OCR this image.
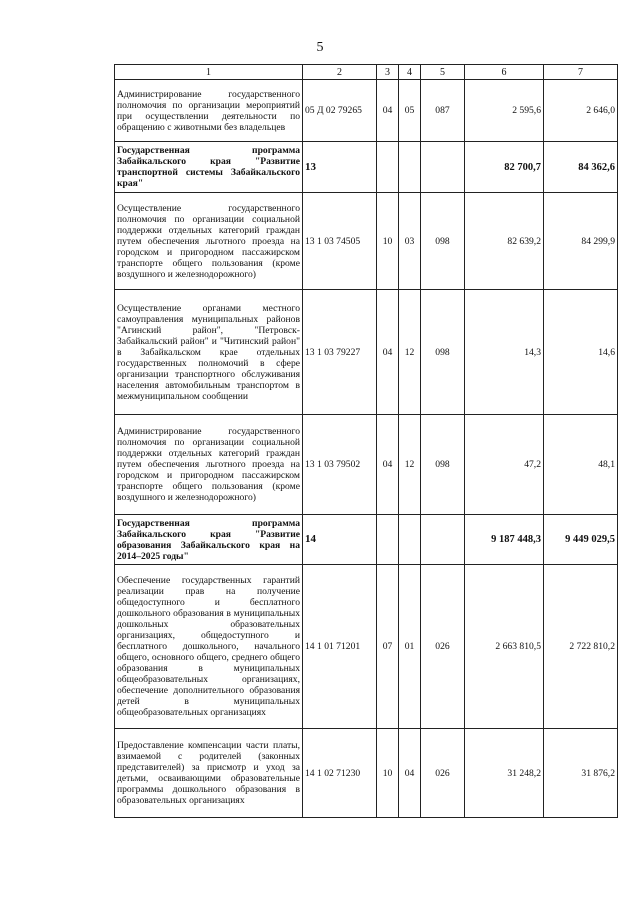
5
1	2	3	4	5	6	7
Администрирование государственного полномочия по организации мероприятий при осуществлении деятельности по обращению с животными без владельцев	05 Д 02 79265	04	05	087	2 595,6	2 646,0
Государственная программа Забайкальского края "Развитие транспортной системы Забайкальского края"	13				82 700,7	84 362,6
Осуществление государственного полномочия по организации социальной поддержки отдельных категорий граждан путем обеспечения льготного проезда на городском и пригородном пассажирском транспорте общего пользования (кроме воздушного и железнодорожного)	13 1 03 74505	10	03	098	82 639,2	84 299,9
Осуществление органами местного самоуправления муниципальных районов "Агинский район", "Петровск-Забайкальский район" и "Читинский район" в Забайкальском крае отдельных государственных полномочий в сфере организации транспортного обслуживания населения автомобильным транспортом в межмуниципальном сообщении	13 1 03 79227	04	12	098	14,3	14,6
Администрирование государственного полномочия по организации социальной поддержки отдельных категорий граждан путем обеспечения льготного проезда на городском и пригородном пассажирском транспорте общего пользования (кроме воздушного и железнодорожного)	13 1 03 79502	04	12	098	47,2	48,1
Государственная программа Забайкальского края "Развитие образования Забайкальского края на 2014–2025 годы"	14				9 187 448,3	9 449 029,5
Обеспечение государственных гарантий реализации прав на получение общедоступного и бесплатного дошкольного образования в муниципальных дошкольных образовательных организациях, общедоступного и бесплатного дошкольного, начального общего, основного общего, среднего общего образования в муниципальных общеобразовательных организациях, обеспечение дополнительного образования детей в муниципальных общеобразовательных организациях	14 1 01 71201	07	01	026	2 663 810,5	2 722 810,2
Предоставление компенсации части платы, взимаемой с родителей (законных представителей) за присмотр и уход за детьми, осваивающими образовательные программы дошкольного образования в образовательных организациях	14 1 02 71230	10	04	026	31 248,2	31 876,2
